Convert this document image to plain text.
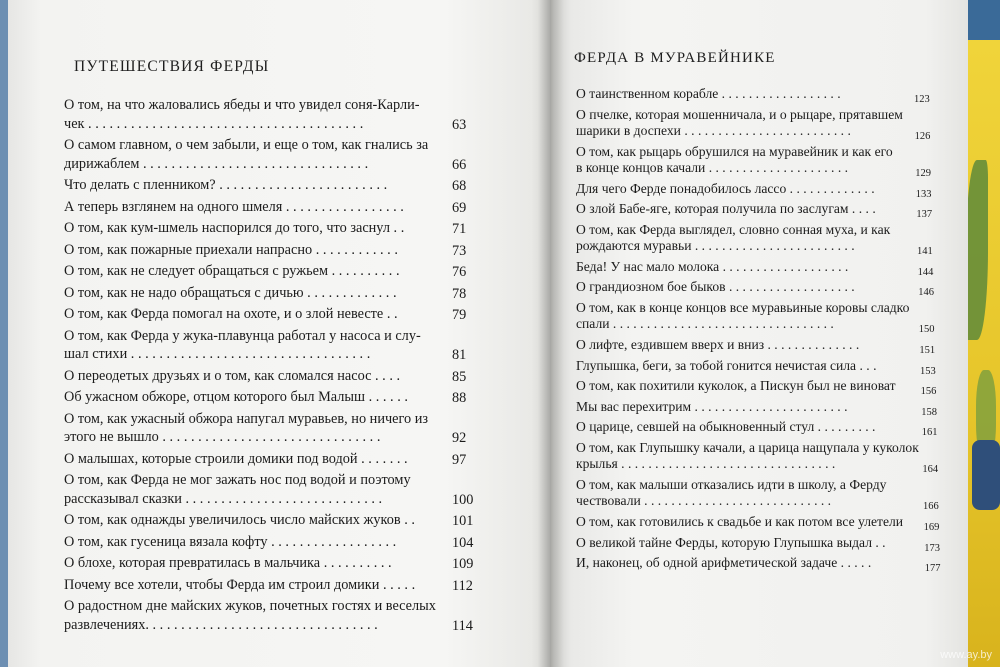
ПУТЕШЕСТВИЯ ФЕРДЫ
О том, на что жаловались ябеды и что увидел соня-Карли-
чек . . . . . . . . . . . . . . . . . . . . . . . . . . . . . . . . . . . . . . .	63
О самом главном, о чем забыли, и еще о том, как гнались за
дирижаблем . . . . . . . . . . . . . . . . . . . . . . . . . . . . . . . .	66
Что делать с пленником? . . . . . . . . . . . . . . . . . . . . . . . .	68
А теперь взглянем на одного шмеля . . . . . . . . . . . . . . . . .	69
О том, как кум-шмель наспорился до того, что заснул . .	71
О том, как пожарные приехали напрасно . . . . . . . . . . . .	73
О том, как не следует обращаться с ружьем . . . . . . . . . .	76
О том, как не надо обращаться с дичью . . . . . . . . . . . . .	78
О том, как Ферда помогал на охоте, и о злой невесте . .	79
О том, как Ферда у жука-плавунца работал у насоса и слу-
шал стихи . . . . . . . . . . . . . . . . . . . . . . . . . . . . . . . . . .	81
О переодетых друзьях и о том, как сломался насос . . . .	85
Об ужасном обжоре, отцом которого был Малыш . . . . . .	88
О том, как ужасный обжора напугал муравьев, но ничего из
этого не вышло . . . . . . . . . . . . . . . . . . . . . . . . . . . . . . .	92
О малышах, которые строили домики под водой . . . . . . .	97
О том, как Ферда не мог зажать нос под водой и поэтому
рассказывал сказки . . . . . . . . . . . . . . . . . . . . . . . . . . . .	100
О том, как однажды увеличилось число майских жуков . .	101
О том, как гусеница вязала кофту . . . . . . . . . . . . . . . . . .	104
О блохе, которая превратилась в мальчика . . . . . . . . . .	109
Почему все хотели, чтобы Ферда им строил домики . . . . .	112
О радостном дне майских жуков, почетных гостях и веселых
развлечениях. . . . . . . . . . . . . . . . . . . . . . . . . . . . . . . . .	114
ФЕРДА В МУРАВЕЙНИКЕ
О таинственном корабле . . . . . . . . . . . . . . . . . .	123
О пчелке, которая мошенничала, и о рыцаре, прятавшем
шарики в доспехи . . . . . . . . . . . . . . . . . . . . . . . . .	126
О том, как рыцарь обрушился на муравейник и как его
в конце концов качали . . . . . . . . . . . . . . . . . . . . .	129
Для чего Ферде понадобилось лассо . . . . . . . . . . . . .	133
О злой Бабе-яге, которая получила по заслугам . . . .	137
О том, как Ферда выглядел, словно сонная муха, и как
рождаются муравьи . . . . . . . . . . . . . . . . . . . . . . . .	141
Беда! У нас мало молока . . . . . . . . . . . . . . . . . . .	144
О грандиозном бое быков . . . . . . . . . . . . . . . . . . .	146
О том, как в конце концов все муравьиные коровы сладко
спали . . . . . . . . . . . . . . . . . . . . . . . . . . . . . . . . .	150
О лифте, ездившем вверх и вниз . . . . . . . . . . . . . .	151
Глупышка, беги, за тобой гонится нечистая сила . . .	153
О том, как похитили куколок, а Пискун был не виноват 156
Мы вас перехитрим . . . . . . . . . . . . . . . . . . . . . . .	158
О царице, севшей на обыкновенный стул . . . . . . . . .	161
О том, как Глупышку качали, а царица нащупала у куколок
крылья . . . . . . . . . . . . . . . . . . . . . . . . . . . . . . . .	164
О том, как малыши отказались идти в школу, а Ферду
чествовали . . . . . . . . . . . . . . . . . . . . . . . . . . . .	166
О том, как готовились к свадьбе и как потом все улетели 169
О великой тайне Ферды, которую Глупышка выдал . .	173
И, наконец, об одной арифметической задаче . . . . .	177
www.ay.by
